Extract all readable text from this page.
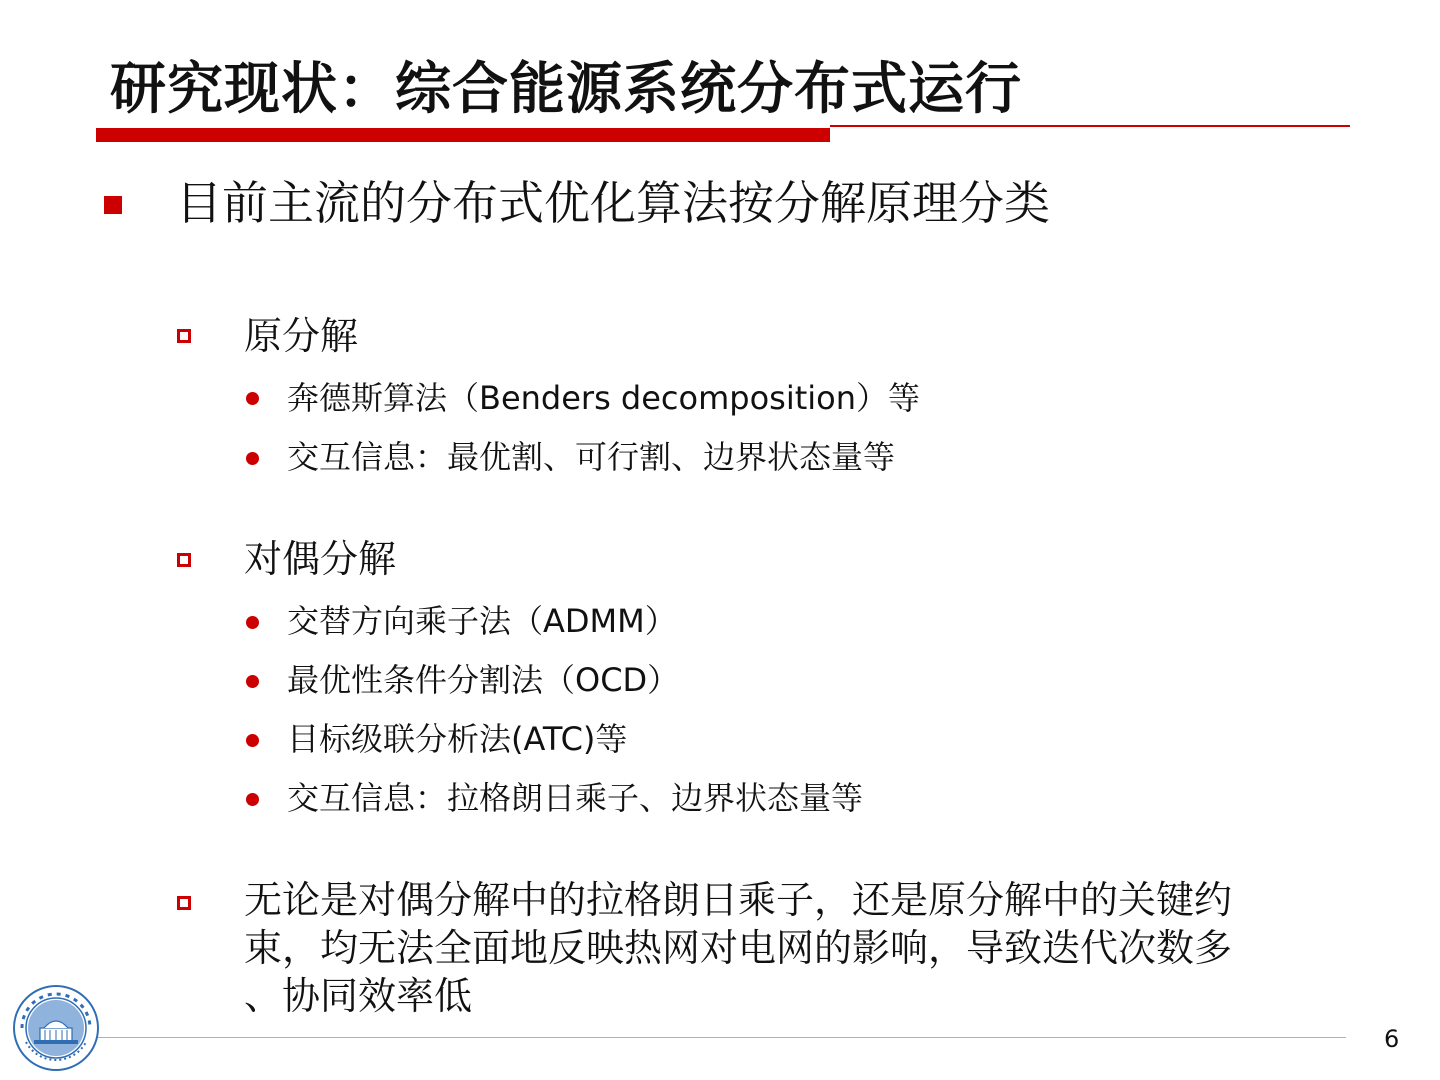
研究现状：综合能源系统分布式运行
目前主流的分布式优化算法按分解原理分类
原分解
奔德斯算法（Benders decomposition）等
交互信息：最优割、可行割、边界状态量等
对偶分解
交替方向乘子法（ADMM）
最优性条件分割法（OCD）
目标级联分析法(ATC)等
交互信息：拉格朗日乘子、边界状态量等
无论是对偶分解中的拉格朗日乘子，还是原分解中的关键约
束，均无法全面地反映热网对电网的影响，导致迭代次数多
、协同效率低
6
